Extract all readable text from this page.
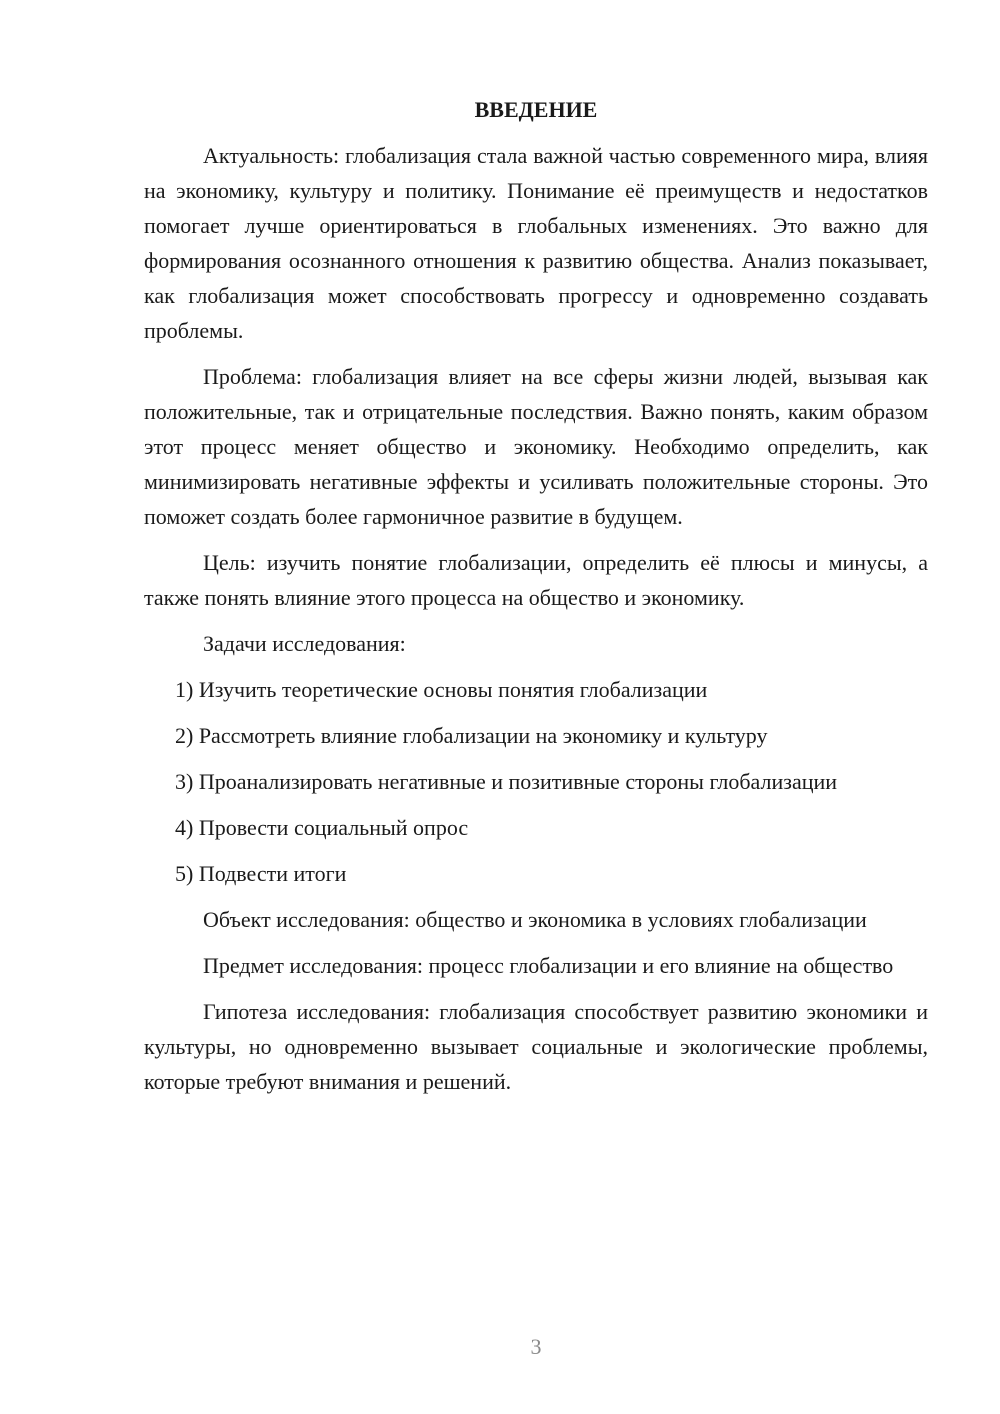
ВВЕДЕНИЕ

Актуальность: глобализация стала важной частью современного мира, влияя на экономику, культуру и политику. Понимание её преимуществ и недостатков помогает лучше ориентироваться в глобальных изменениях. Это важно для формирования осознанного отношения к развитию общества. Анализ показывает, как глобализация может способствовать прогрессу и одновременно создавать проблемы.

Проблема: глобализация влияет на все сферы жизни людей, вызывая как положительные, так и отрицательные последствия. Важно понять, каким образом этот процесс меняет общество и экономику. Необходимо определить, как минимизировать негативные эффекты и усиливать положительные стороны. Это поможет создать более гармоничное развитие в будущем.

Цель: изучить понятие глобализации, определить её плюсы и минусы, а также понять влияние этого процесса на общество и экономику.

Задачи исследования:

1) Изучить теоретические основы понятия глобализации

2) Рассмотреть влияние глобализации на экономику и культуру

3) Проанализировать негативные и позитивные стороны глобализации

4) Провести социальный опрос

5) Подвести итоги

Объект исследования: общество и экономика в условиях глобализации

Предмет исследования: процесс глобализации и его влияние на общество

Гипотеза исследования: глобализация способствует развитию экономики и культуры, но одновременно вызывает социальные и экологические проблемы, которые требуют внимания и решений.

3
